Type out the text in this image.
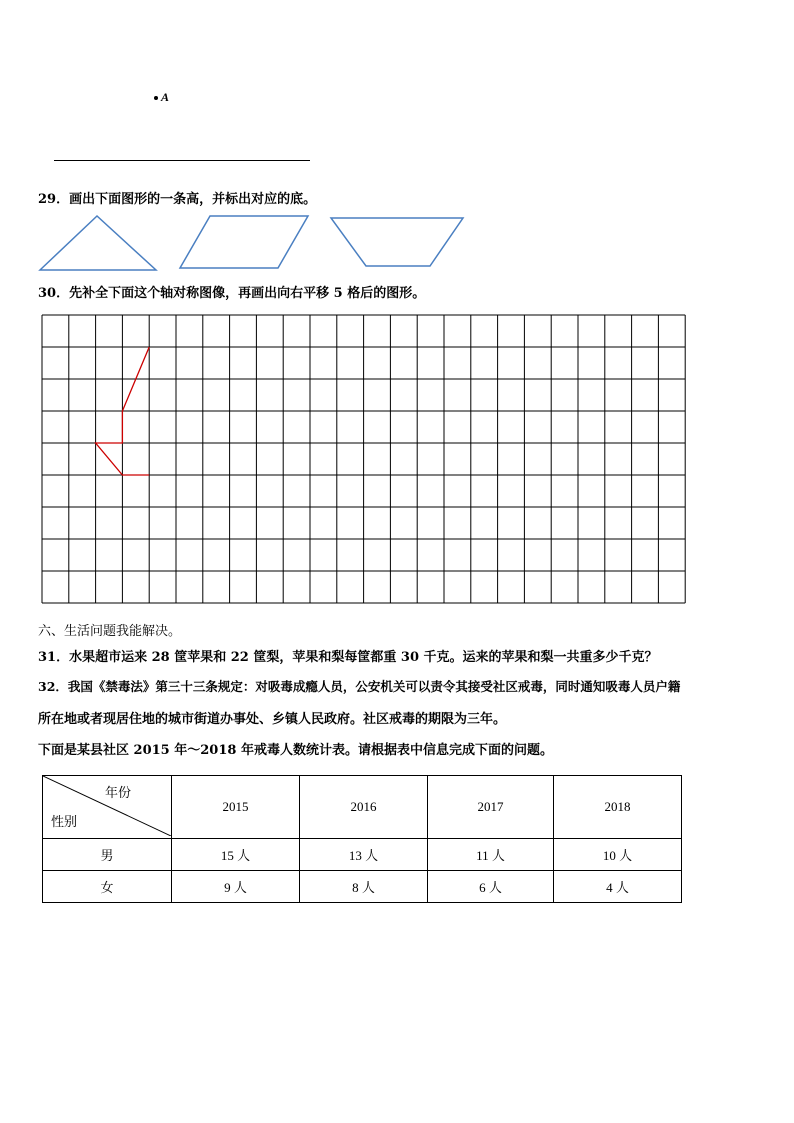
A
29．画出下面图形的一条高，并标出对应的底。
30．先补全下面这个轴对称图像，再画出向右平移 5 格后的图形。
六、生活问题我能解决。
31．水果超市运来 28 筐苹果和 22 筐梨，苹果和梨每筐都重 30 千克。运来的苹果和梨一共重多少千克？
32．我国《禁毒法》第三十三条规定：对吸毒成瘾人员，公安机关可以责令其接受社区戒毒，同时通知吸毒人员户籍
所在地或者现居住地的城市街道办事处、乡镇人民政府。社区戒毒的期限为三年。
下面是某县社区 2015 年～2018 年戒毒人数统计表。请根据表中信息完成下面的问题。
年份
性别	2015	2016	2017	2018
男	15 人	13 人	11 人	10 人
女	9 人	8 人	6 人	4 人
